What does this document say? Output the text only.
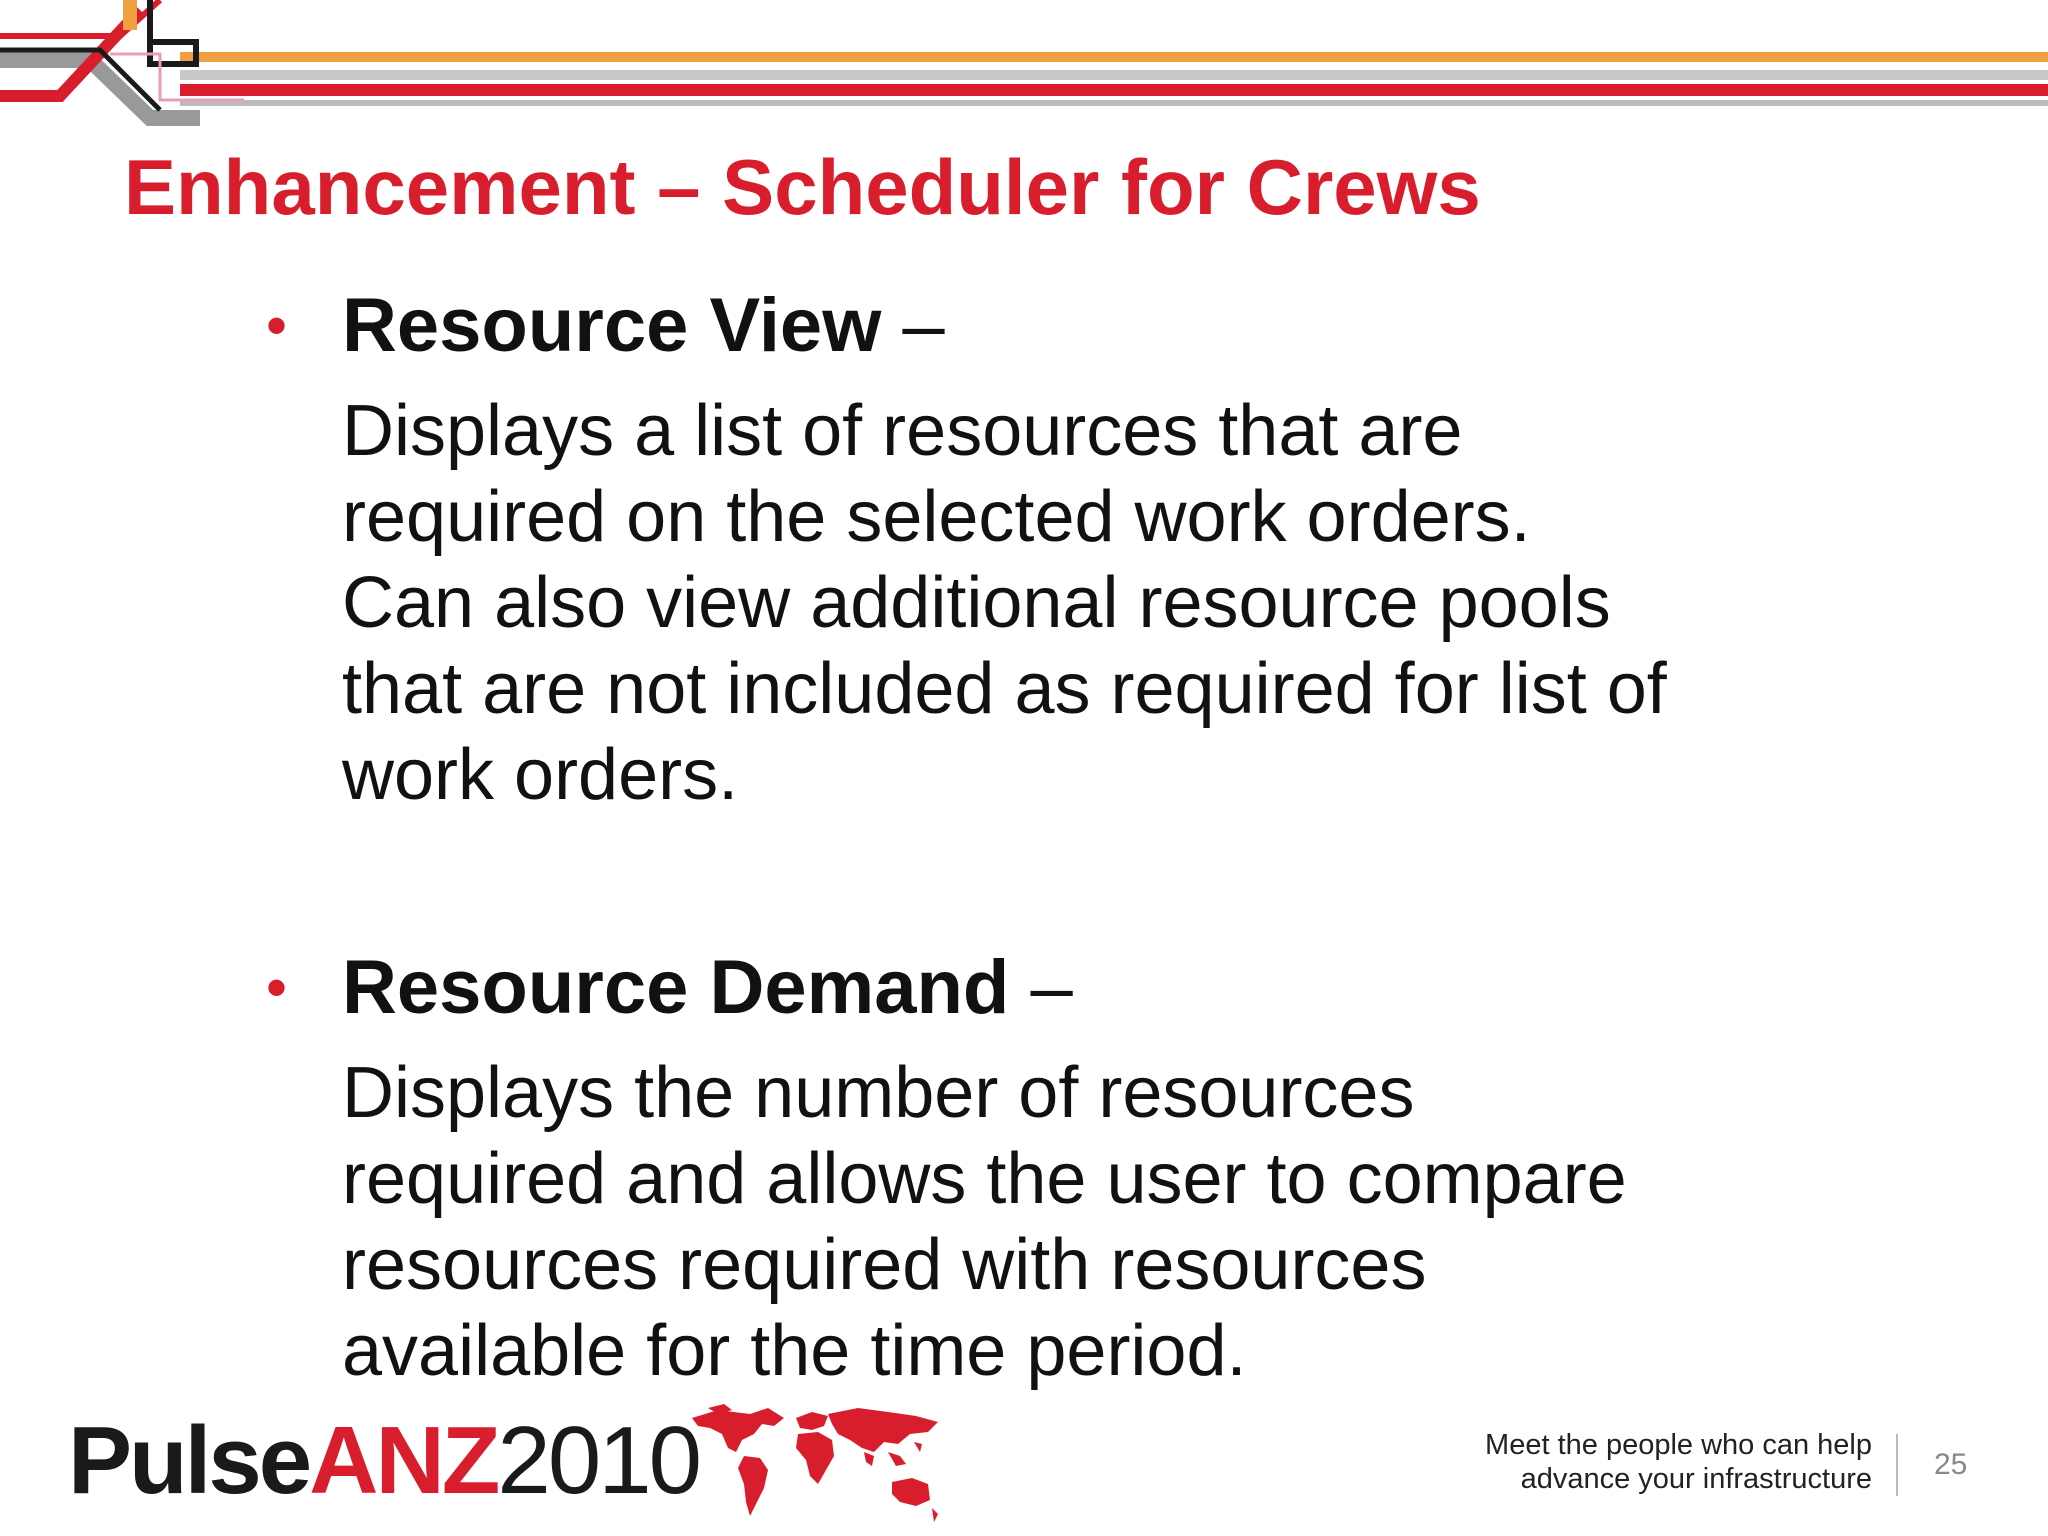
Enhancement – Scheduler for Crews
• Resource View –

Displays a list of resources that are
required on the selected work orders.
Can also view additional resource pools
that are not included as required for list of
work orders.

• Resource Demand –

Displays the number of resources
required and allows the user to compare
resources required with resources
available for the time period.

PulseANZ2010	Meet the people who can help
advance your infrastructure 25
